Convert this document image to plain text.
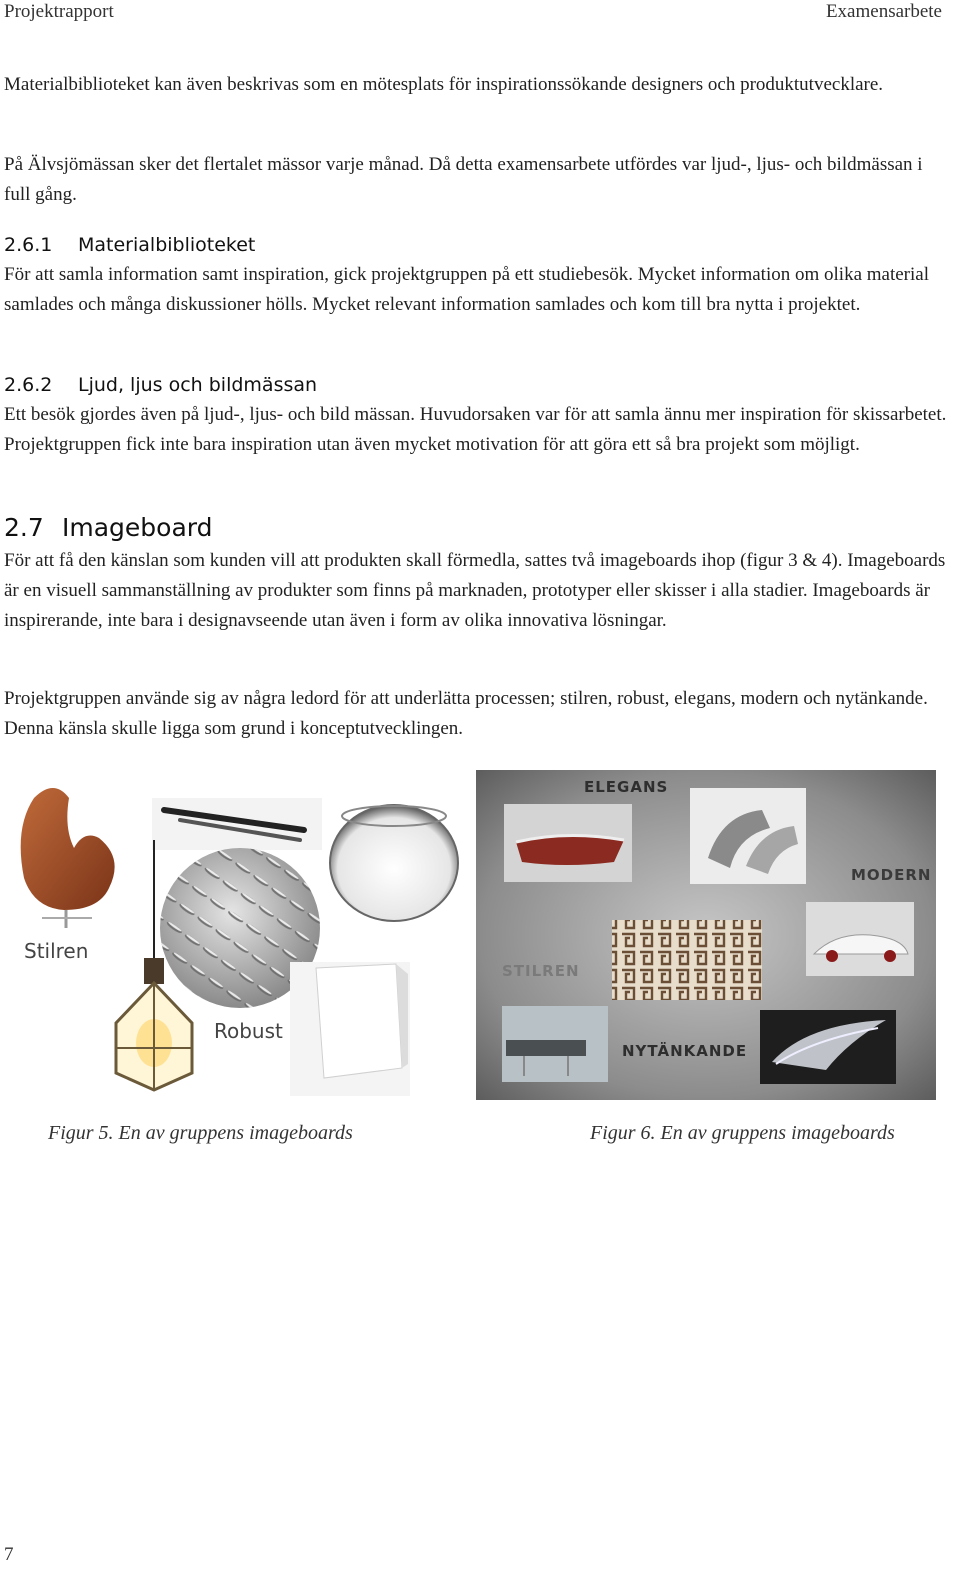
Projektrapport	Examensarbete

Materialbiblioteket kan även beskrivas som en mötesplats för inspirationssökande designers och produktutvecklare.

På Älvsjömässan sker det flertalet mässor varje månad. Då detta examensarbete utfördes var ljud-, ljus- och bildmässan i full gång.

2.6.1 Materialbiblioteket

För att samla information samt inspiration, gick projektgruppen på ett studiebesök. Mycket information om olika material samlades och många diskussioner hölls. Mycket relevant information samlades och kom till bra nytta i projektet.

2.6.2 Ljud, ljus och bildmässan

Ett besök gjordes även på ljud-, ljus- och bild mässan. Huvudorsaken var för att samla ännu mer inspiration för skissarbetet. Projektgruppen fick inte bara inspiration utan även mycket motivation för att göra ett så bra projekt som möjligt.

2.7 Imageboard

För att få den känslan som kunden vill att produkten skall förmedla, sattes två imageboards ihop (figur 3 & 4). Imageboards är en visuell sammanställning av produkter som finns på marknaden, prototyper eller skisser i alla stadier. Imageboards är inspirerande, inte bara i designavseende utan även i form av olika innovativa lösningar.

Projektgruppen använde sig av några ledord för att underlätta processen; stilren, robust, elegans, modern och nytänkande. Denna känsla skulle ligga som grund i konceptutvecklingen.

Stilren
Robust
ELEGANS
MODERN
STILREN
NYTÄNKANDE
Figur 5. En av gruppens imageboards	Figur 6. En av gruppens imageboards
7
